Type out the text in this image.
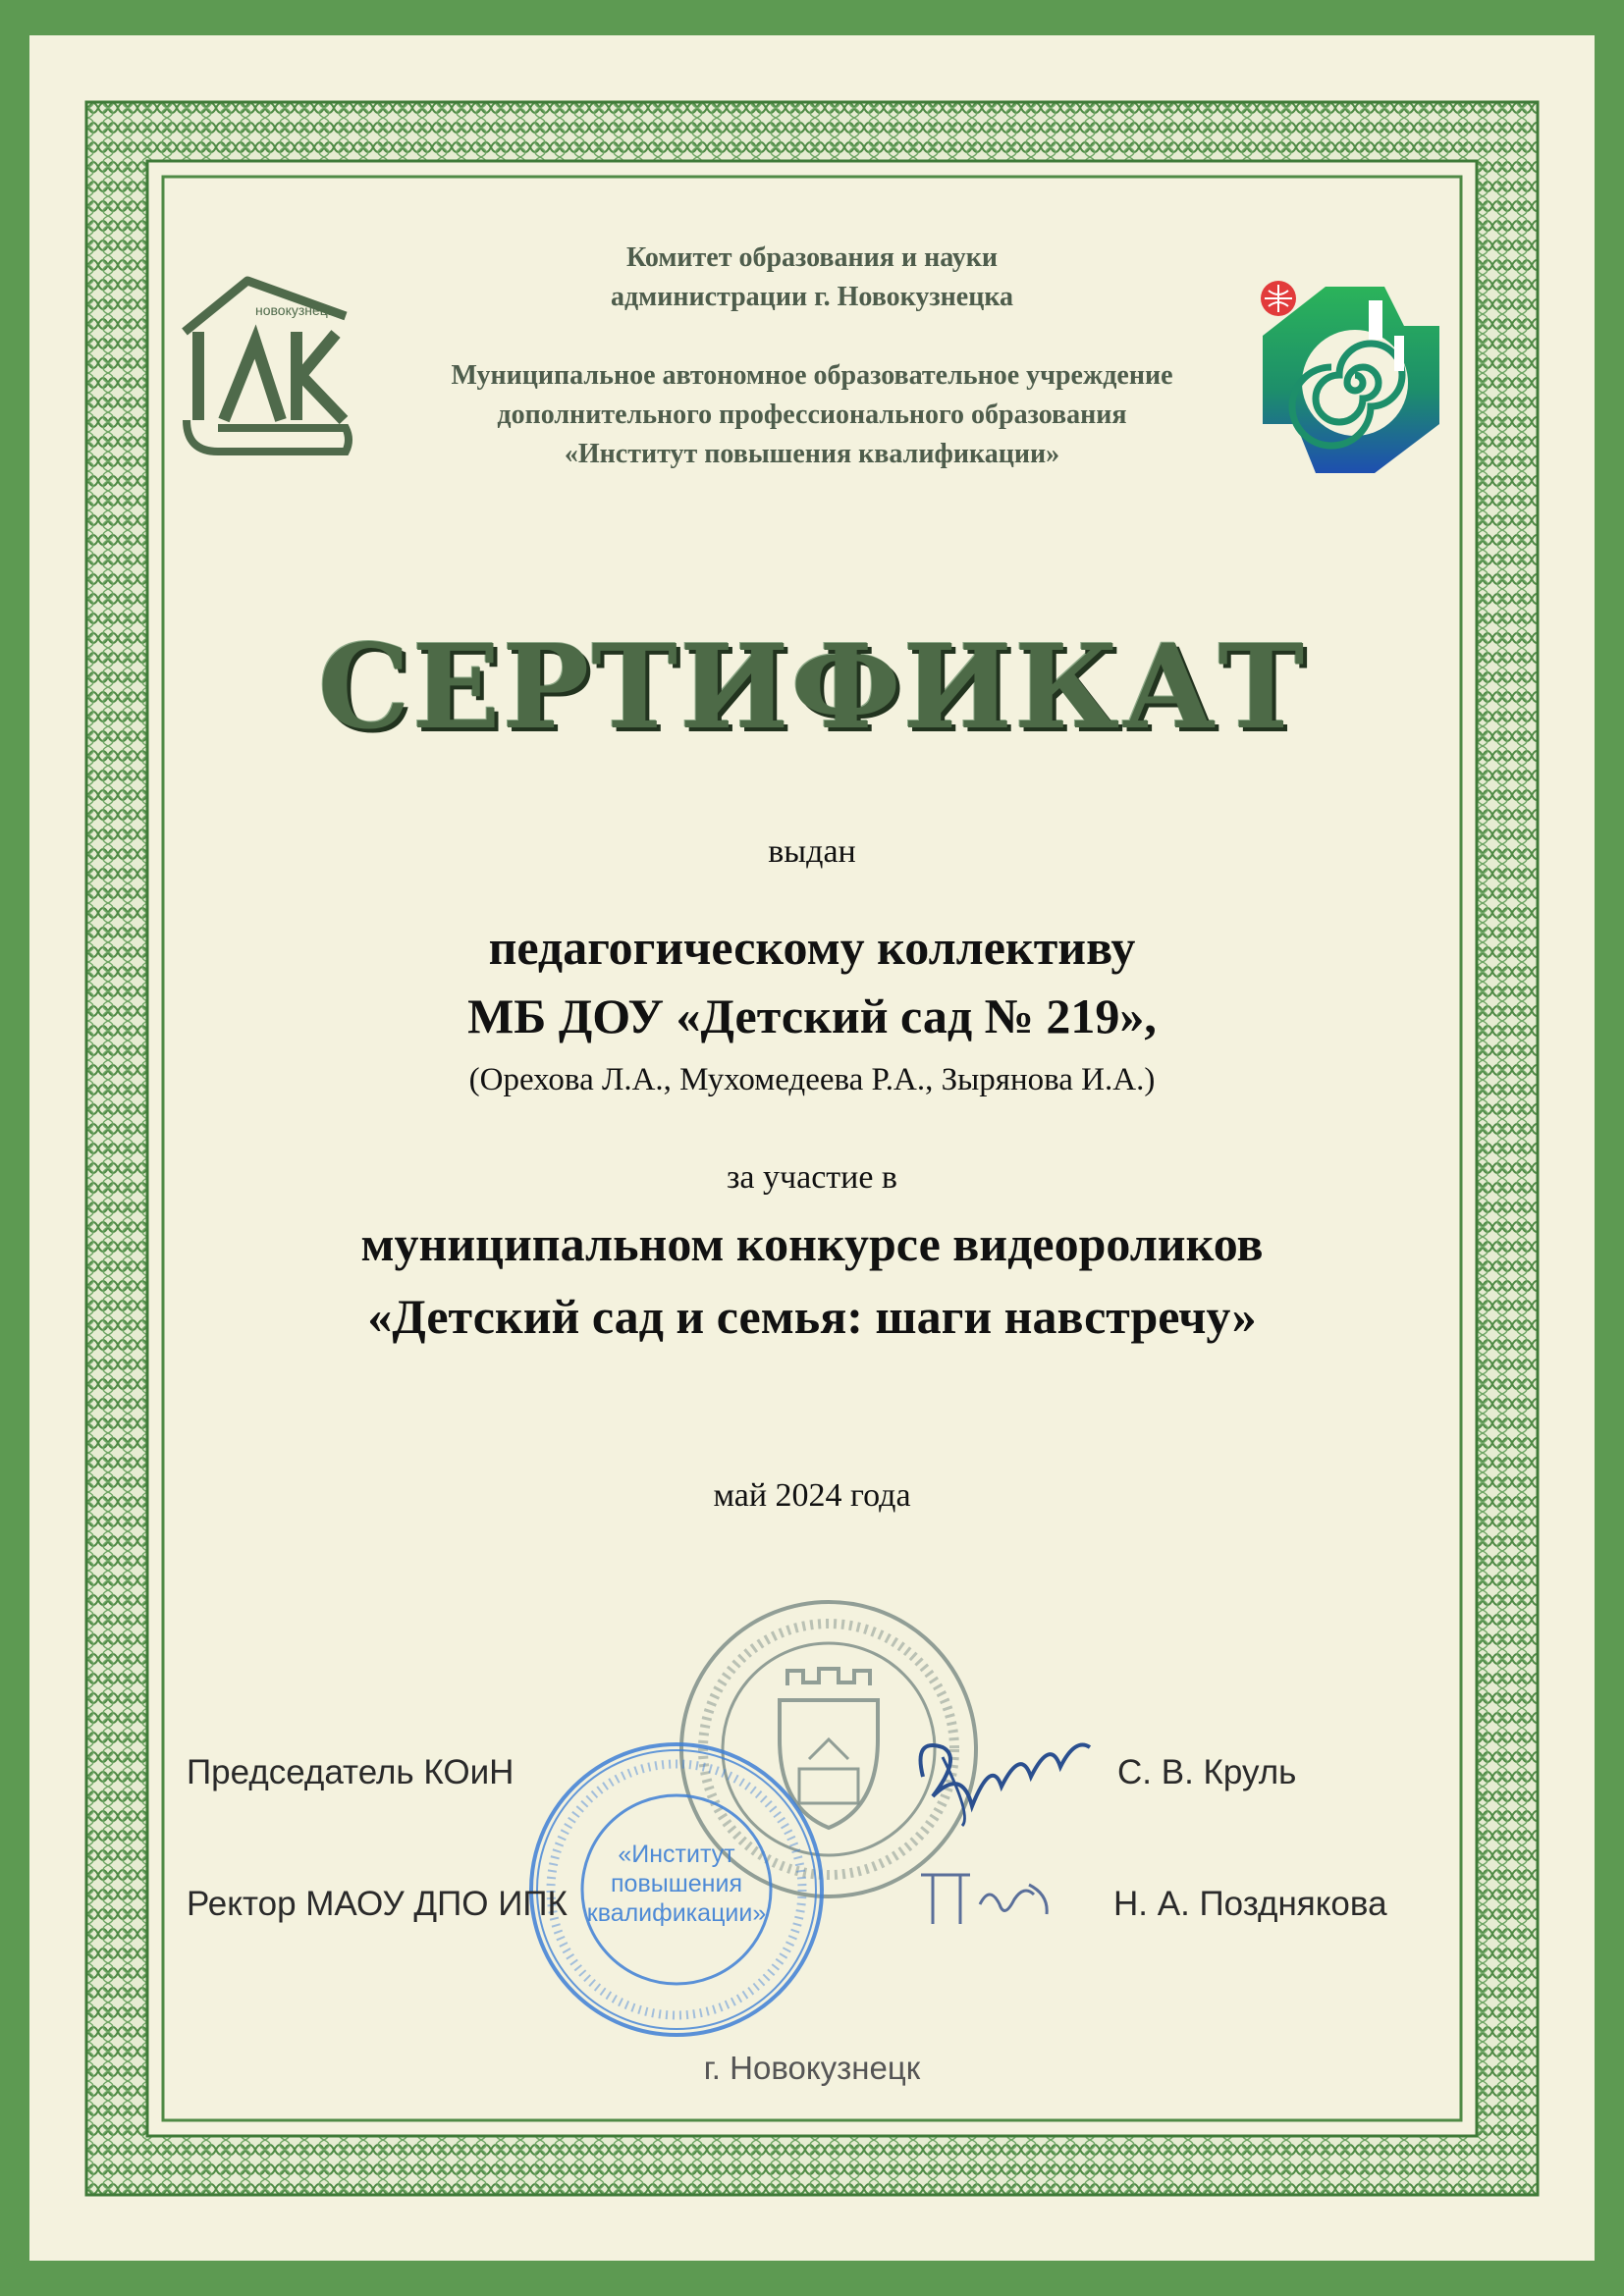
новокузнецк
Комитет образования и науки
администрации г. Новокузнецка
Муниципальное автономное образовательное учреждение
дополнительного профессионального образования
«Институт повышения квалификации»
СЕРТИФИКАТ
выдан
педагогическому коллективу
МБ ДОУ «Детский сад № 219»,
(Орехова Л.А., Мухомедеева Р.А., Зырянова И.А.)
за участие в
муниципальном конкурсе видеороликов
«Детский сад и семья: шаги навстречу»
май 2024 года
«Институт
повышения
квалификации»
Председатель КОиН	С. В. Круль
Ректор МАОУ ДПО ИПК	Н. А. Позднякова
г. Новокузнецк
